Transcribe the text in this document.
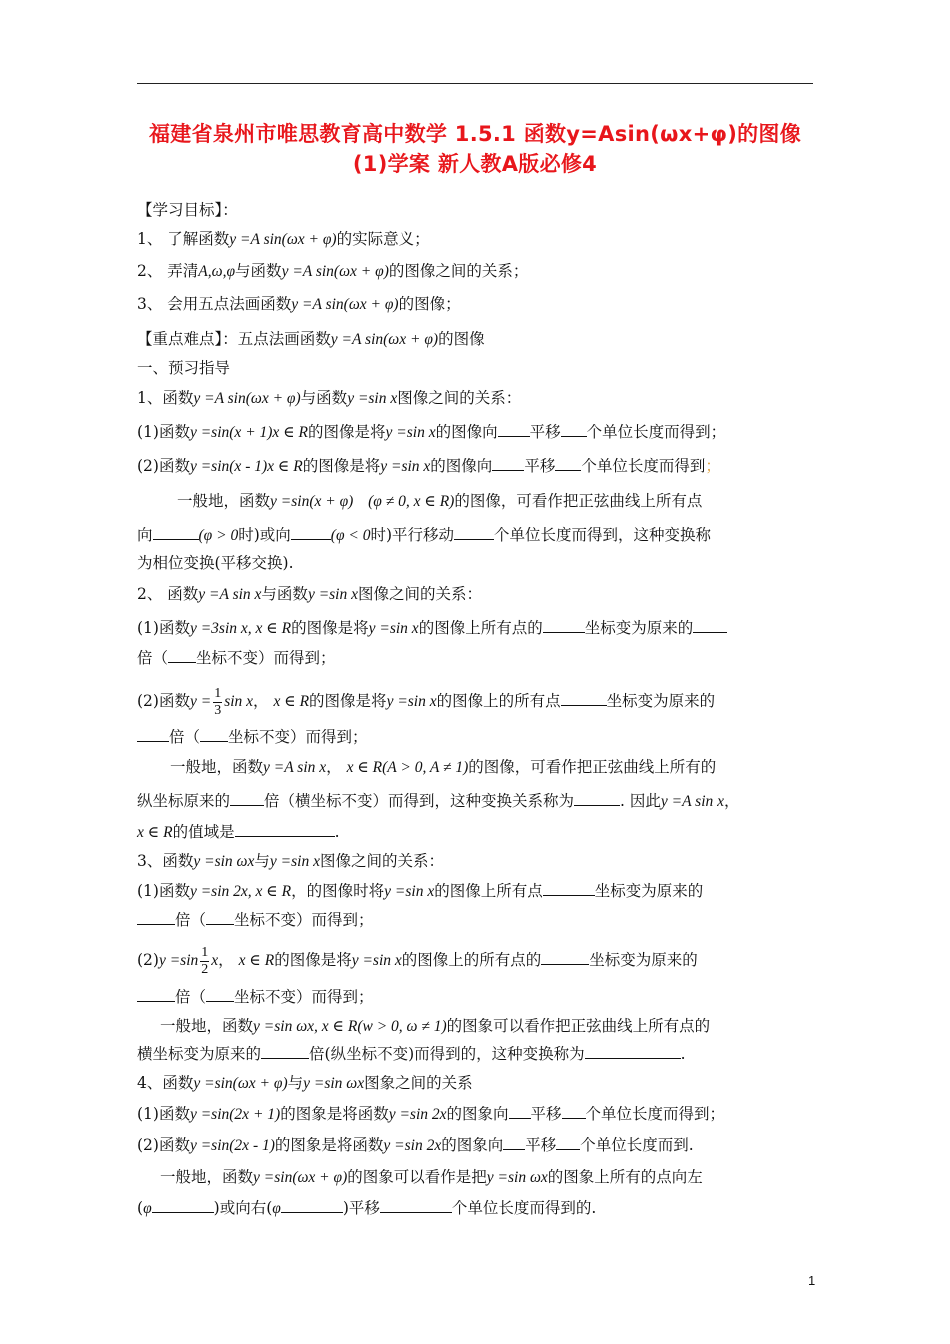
福建省泉州市唯思教育高中数学 1.5.1 函数y=Asin(ωx+φ)的图像
(1)学案 新人教A版必修4
【学习目标】：
1、 了解函数y =A sin(ωx + φ)的实际意义；
2、 弄清A,ω,φ与函数y =A sin(ωx + φ)的图像之间的关系；
3、 会用五点法画函数y =A sin(ωx + φ)的图像；
【重点难点】：五点法画函数y =A sin(ωx + φ)的图像
一、预习指导
1、函数y =A sin(ωx + φ)与函数y =sin x图像之间的关系：
(1)函数y =sin(x + 1)x ∈ R的图像是将y =sin x的图像向 平移 个单位长度而得到；
(2)函数y =sin(x - 1)x ∈ R的图像是将y =sin x的图像向 平移 个单位长度而得到；
一般地，函数y =sin(x + φ) (φ ≠ 0, x ∈ R)的图像，可看作把正弦曲线上所有点
向	(φ > 0时)或向	(φ < 0时)平行移动	个单位长度而得到，这种变换称
为相位变换(平移交换).
2、 函数y =A sin x与函数y =sin x图像之间的关系：
(1)函数y =3sin x, x ∈ R的图像是将y =sin x的图像上所有点的	坐标变为原来的
倍（ 坐标不变）而得到；
(2)函数$y = \frac{1}{3}$ sin x， x ∈ R的图像是将y =sin x的图像上的所有点	坐标变为原来的
倍（ 坐标不变）而得到；
一般地，函数y =A sin x， x ∈ R(A > 0, A ≠ 1)的图像，可看作把正弦曲线上所有的
纵坐标原来的 倍（横坐标不变）而得到，这种变换关系称为	. 因此y =A sin x，
x ∈ R的值域是	.
3、函数y =sin ωx与y =sin x图像之间的关系：
(1)函数y =sin 2x, x ∈ R，的图像时将y =sin x的图像上所有点	坐标变为原来的
倍（ 坐标不变）而得到；
$(2)y =\sin \frac{1}{2}$ x， x ∈ R的图像是将y =sin x的图像上的所有点的	坐标变为原来的
倍（ 坐标不变）而得到；
一般地，函数y =sin ωx, x ∈ R(w > 0, ω ≠ 1)的图象可以看作把正弦曲线上所有点的
横坐标变为原来的	倍(纵坐标不变)而得到的，这种变换称为	.
4、函数y =sin(ωx + φ)与y =sin ωx图象之间的关系
(1)函数y =sin(2x + 1)的图象是将函数y =sin 2x的图象向 平移 个单位长度而得到；
(2)函数y =sin(2x - 1)的图象是将函数y =sin 2x的图象向 平移 个单位长度而到.
一般地，函数y =sin(ωx + φ)的图象可以看作是把y =sin ωx的图象上所有的点向左
(φ	)或向右(φ	)平移	个单位长度而得到的.
1
